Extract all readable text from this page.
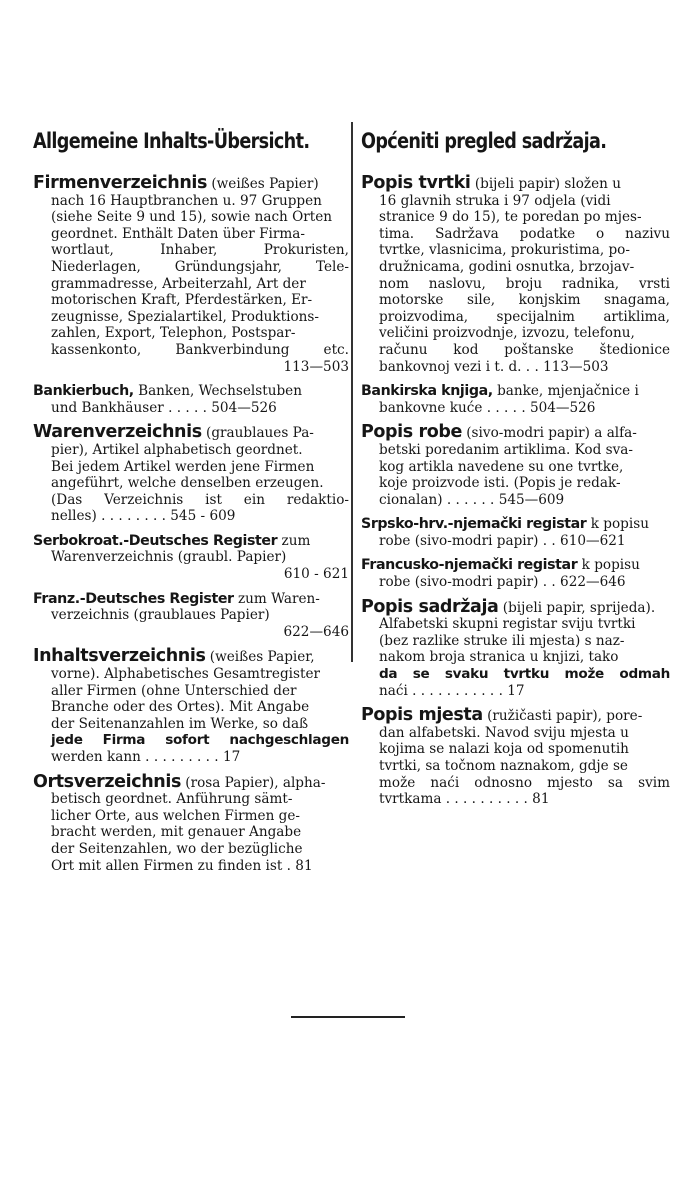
Allgemeine Inhalts-Übersicht.
Firmenverzeichnis (weißes Papier)
nach 16 Hauptbranchen u. 97 Gruppen
(siehe Seite 9 und 15), sowie nach Orten
geordnet. Enthält Daten über Firma-
wortlaut, Inhaber, Prokuristen,
Niederlagen, Gründungsjahr, Tele-
grammadresse, Arbeiterzahl, Art der
motorischen Kraft, Pferdestärken, Er-
zeugnisse, Spezialartikel, Produktions-
zahlen, Export, Telephon, Postspar-
kassenkonto, Bankverbindung etc.
113—503
Bankierbuch, Banken, Wechselstuben
und Bankhäuser . . . . . 504—526
Warenverzeichnis (graublaues Pa-
pier), Artikel alphabetisch geordnet.
Bei jedem Artikel werden jene Firmen
angeführt, welche denselben erzeugen.
(Das Verzeichnis ist ein redaktio-
nelles) . . . . . . . . 545 - 609
Serbokroat.-Deutsches Register zum
Warenverzeichnis (graubl. Papier)
610 - 621
Franz.-Deutsches Register zum Waren-
verzeichnis (graublaues Papier)
622—646
Inhaltsverzeichnis (weißes Papier,
vorne). Alphabetisches Gesamtregister
aller Firmen (ohne Unterschied der
Branche oder des Ortes). Mit Angabe
der Seitenanzahlen im Werke, so daß
jede Firma sofort nachgeschlagen
werden kann . . . . . . . . . 17
Ortsverzeichnis (rosa Papier), alpha-
betisch geordnet. Anführung sämt-
licher Orte, aus welchen Firmen ge-
bracht werden, mit genauer Angabe
der Seitenzahlen, wo der bezügliche
Ort mit allen Firmen zu finden ist . 81
Općeniti pregled sadržaja.
Popis tvrtki (bijeli papir) složen u
16 glavnih struka i 97 odjela (vidi
stranice 9 do 15), te poredan po mjes-
tima. Sadržava podatke o nazivu
tvrtke, vlasnicima, prokuristima, po-
družnicama, godini osnutka, brzojav-
nom naslovu, broju radnika, vrsti
motorske sile, konjskim snagama,
proizvodima, specijalnim artiklima,
veličini proizvodnje, izvozu, telefonu,
računu kod poštanske štedionice
bankovnoj vezi i t. d. . . 113—503
Bankirska knjiga, banke, mjenjačnice i
bankovne kuće . . . . . 504—526
Popis robe (sivo-modri papir) a alfa-
betski poredanim artiklima. Kod sva-
kog artikla navedene su one tvrtke,
koje proizvode isti. (Popis je redak-
cionalan) . . . . . . 545—609
Srpsko-hrv.-njemački registar k popisu
robe (sivo-modri papir) . . 610—621
Francusko-njemački registar k popisu
robe (sivo-modri papir) . . 622—646
Popis sadržaja (bijeli papir, sprijeda).
Alfabetski skupni registar sviju tvrtki
(bez razlike struke ili mjesta) s naz-
nakom broja stranica u knjizi, tako
da se svaku tvrtku može odmah
naći . . . . . . . . . . . 17
Popis mjesta (ružičasti papir), pore-
dan alfabetski. Navod sviju mjesta u
kojima se nalazi koja od spomenutih
tvrtki, sa točnom naznakom, gdje se
može naći odnosno mjesto sa svim
tvrtkama . . . . . . . . . . 81
